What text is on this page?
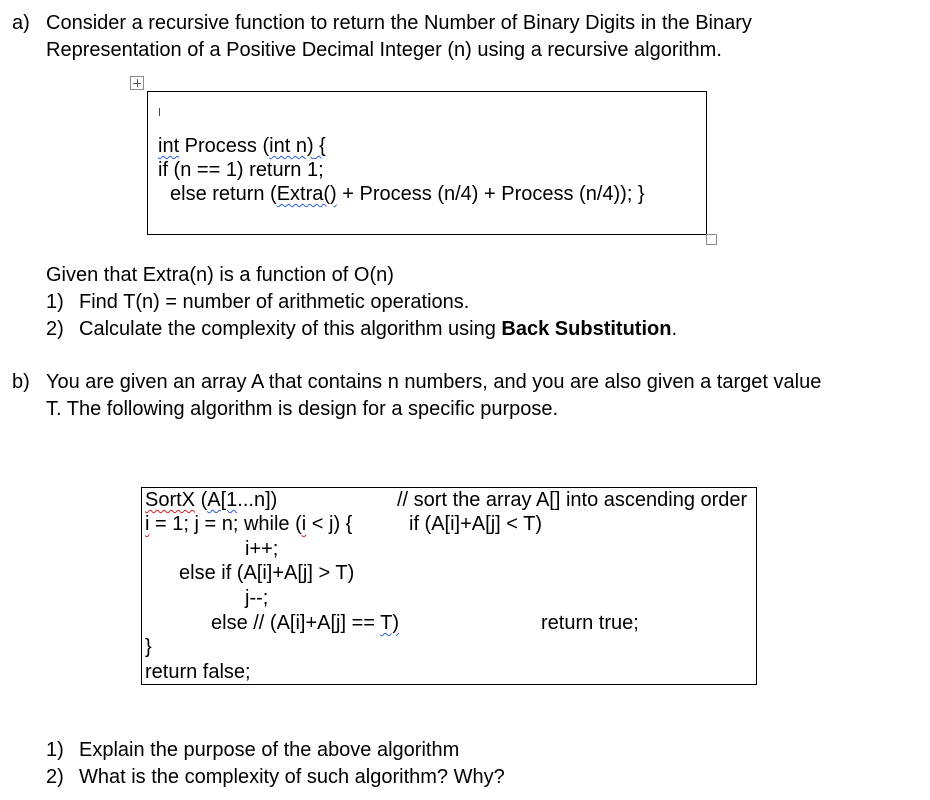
a) Consider a recursive function to return the Number of Binary Digits in the Binary
Representation of a Positive Decimal Integer (n) using a recursive algorithm.
int Process (int n) {
if (n == 1) return 1;
else return (Extra() + Process (n/4) + Process (n/4)); }
Given that Extra(n) is a function of O(n)
1) Find T(n) = number of arithmetic operations.
2) Calculate the complexity of this algorithm using Back Substitution.
b) You are given an array A that contains n numbers, and you are also given a target value
T. The following algorithm is design for a specific purpose.
SortX (A[1...n])	// sort the array A[] into ascending order
i = 1; j = n; while (i < j) {	if (A[i]+A[j] < T)
i++;
else if (A[i]+A[j] > T)
j--;
else // (A[i]+A[j] == T)	return true;
}
return false;
1) Explain the purpose of the above algorithm
2) What is the complexity of such algorithm? Why?
